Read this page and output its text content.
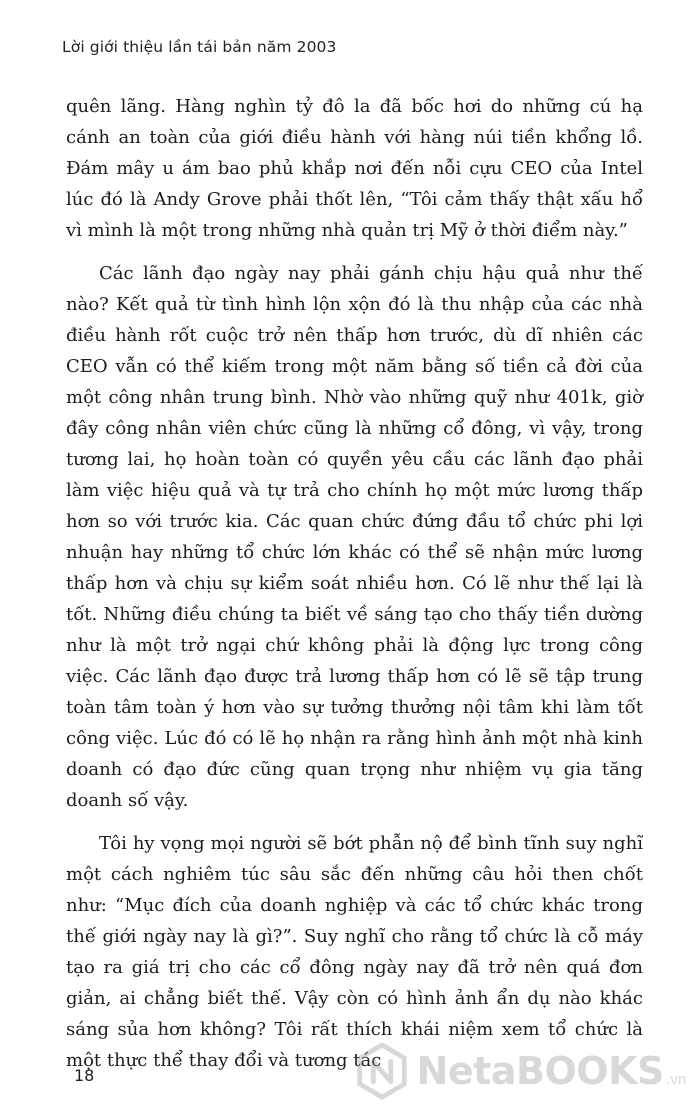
Lời giới thiệu lần tái bản năm 2003

quên lãng. Hàng nghìn tỷ đô la đã bốc hơi do những cú hạ cánh an toàn của giới điều hành với hàng núi tiền khổng lồ. Đám mây u ám bao phủ khắp nơi đến nỗi cựu CEO của Intel lúc đó là Andy Grove phải thốt lên, “Tôi cảm thấy thật xấu hổ vì mình là một trong những nhà quản trị Mỹ ở thời điểm này.”

Các lãnh đạo ngày nay phải gánh chịu hậu quả như thế nào? Kết quả từ tình hình lộn xộn đó là thu nhập của các nhà điều hành rốt cuộc trở nên thấp hơn trước, dù dĩ nhiên các CEO vẫn có thể kiếm trong một năm bằng số tiền cả đời của một công nhân trung bình. Nhờ vào những quỹ như 401k, giờ đây công nhân viên chức cũng là những cổ đông, vì vậy, trong tương lai, họ hoàn toàn có quyền yêu cầu các lãnh đạo phải làm việc hiệu quả và tự trả cho chính họ một mức lương thấp hơn so với trước kia. Các quan chức đứng đầu tổ chức phi lợi nhuận hay những tổ chức lớn khác có thể sẽ nhận mức lương thấp hơn và chịu sự kiểm soát nhiều hơn. Có lẽ như thế lại là tốt. Những điều chúng ta biết về sáng tạo cho thấy tiền dường như là một trở ngại chứ không phải là động lực trong công việc. Các lãnh đạo được trả lương thấp hơn có lẽ sẽ tập trung toàn tâm toàn ý hơn vào sự tưởng thưởng nội tâm khi làm tốt công việc. Lúc đó có lẽ họ nhận ra rằng hình ảnh một nhà kinh doanh có đạo đức cũng quan trọng như nhiệm vụ gia tăng doanh số vậy.

Tôi hy vọng mọi người sẽ bớt phẫn nộ để bình tĩnh suy nghĩ một cách nghiêm túc sâu sắc đến những câu hỏi then chốt như: “Mục đích của doanh nghiệp và các tổ chức khác trong thế giới ngày nay là gì?”. Suy nghĩ cho rằng tổ chức là cỗ máy tạo ra giá trị cho các cổ đông ngày nay đã trở nên quá đơn giản, ai chẳng biết thế. Vậy còn có hình ảnh ẩn dụ nào khác sáng sủa hơn không? Tôi rất thích khái niệm xem tổ chức là một thực thể thay đổi và tương tác

18	NetaBOOKS .vn
